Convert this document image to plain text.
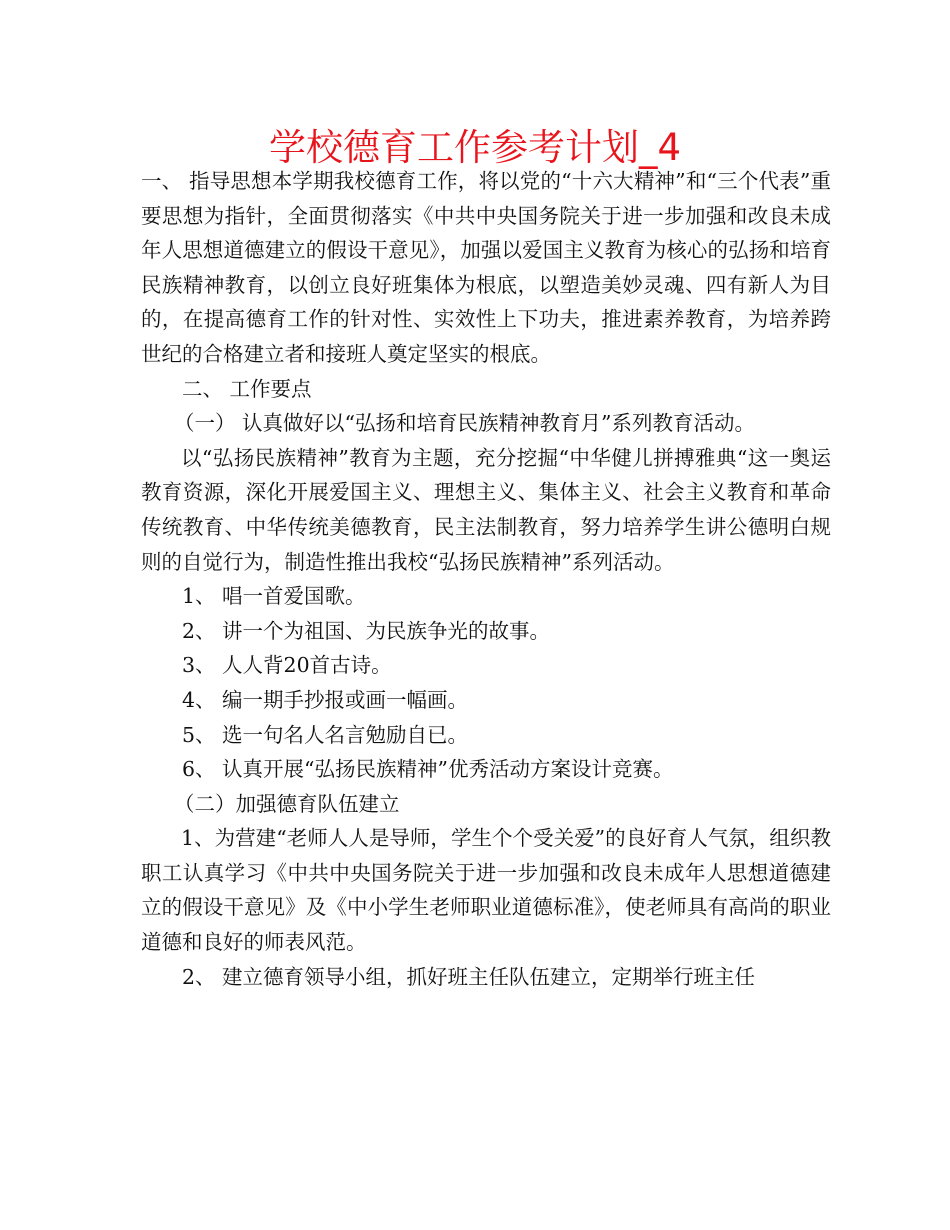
学校德育工作参考计划_4

一、 指导思想本学期我校德育工作，将以党的“十六大精神”和“三个代表”重要思想为指针，全面贯彻落实《中共中央国务院关于进一步加强和改良未成年人思想道德建立的假设干意见》，加强以爱国主义教育为核心的弘扬和培育民族精神教育，以创立良好班集体为根底，以塑造美妙灵魂、四有新人为目的，在提高德育工作的针对性、实效性上下功夫，推进素养教育，为培养跨世纪的合格建立者和接班人奠定坚实的根底。

二、 工作要点

（一） 认真做好以“弘扬和培育民族精神教育月”系列教育活动。

以“弘扬民族精神”教育为主题，充分挖掘“中华健儿拼搏雅典“这一奥运教育资源，深化开展爱国主义、理想主义、集体主义、社会主义教育和革命传统教育、中华传统美德教育，民主法制教育，努力培养学生讲公德明白规则的自觉行为，制造性推出我校“弘扬民族精神”系列活动。

1、 唱一首爱国歌。

2、 讲一个为祖国、为民族争光的故事。

3、 人人背20首古诗。

4、 编一期手抄报或画一幅画。

5、 选一句名人名言勉励自已。

6、 认真开展“弘扬民族精神”优秀活动方案设计竞赛。

（二）加强德育队伍建立

1、为营建“老师人人是导师，学生个个受关爱”的良好育人气氛，组织教职工认真学习《中共中央国务院关于进一步加强和改良未成年人思想道德建立的假设干意见》及《中小学生老师职业道德标准》，使老师具有高尚的职业道德和良好的师表风范。

2、 建立德育领导小组，抓好班主任队伍建立，定期举行班主任
